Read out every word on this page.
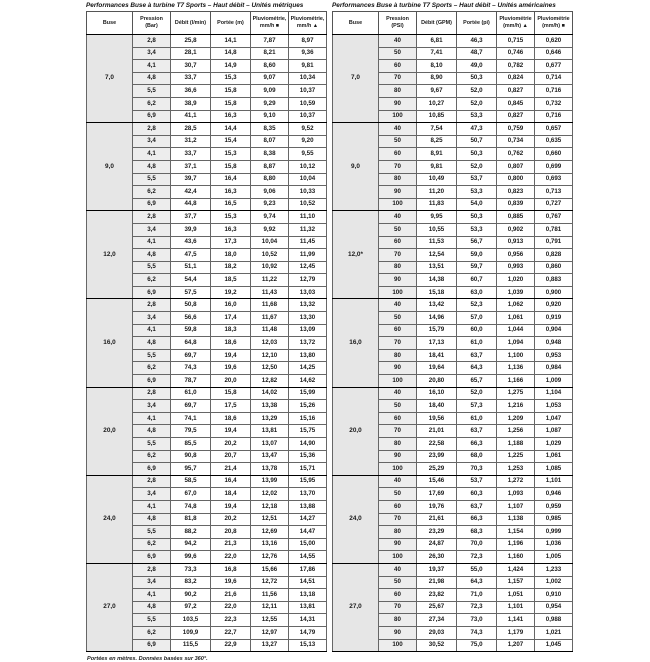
Performances Buse à turbine T7 Sports – Haut débit – Unités métriques
Buse	Pression (Bar)	Débit (l/min)	Portée (m)	Pluviométrie, mm/h ■	Pluviométrie, mm/h ▲
7,0	2,8	25,8	14,1	7,87	8,97
	3,4	28,1	14,8	8,21	9,36
	4,1	30,7	14,9	8,60	9,81
	4,8	33,7	15,3	9,07	10,34
	5,5	36,6	15,8	9,09	10,37
	6,2	38,9	15,8	9,29	10,59
	6,9	41,1	16,3	9,10	10,37
9,0	2,8	28,5	14,4	8,35	9,52
	3,4	31,2	15,4	8,07	9,20
	4,1	33,7	15,3	8,38	9,55
	4,8	37,1	15,8	8,87	10,12
	5,5	39,7	16,4	8,80	10,04
	6,2	42,4	16,3	9,06	10,33
	6,9	44,8	16,5	9,23	10,52
12,0	2,8	37,7	15,3	9,74	11,10
	3,4	39,9	16,3	9,92	11,32
	4,1	43,6	17,3	10,04	11,45
	4,8	47,5	18,0	10,52	11,99
	5,5	51,1	18,2	10,92	12,45
	6,2	54,4	18,5	11,22	12,79
	6,9	57,5	19,2	11,43	13,03
16,0	2,8	50,8	16,0	11,68	13,32
	3,4	56,6	17,4	11,67	13,30
	4,1	59,8	18,3	11,48	13,09
	4,8	64,8	18,6	12,03	13,72
	5,5	69,7	19,4	12,10	13,80
	6,2	74,3	19,6	12,50	14,25
	6,9	78,7	20,0	12,82	14,62
20,0	2,8	61,0	15,8	14,02	15,99
	3,4	69,7	17,5	13,38	15,26
	4,1	74,1	18,6	13,29	15,16
	4,8	79,5	19,4	13,81	15,75
	5,5	85,5	20,2	13,07	14,90
	6,2	90,8	20,7	13,47	15,36
	6,9	95,7	21,4	13,78	15,71
24,0	2,8	58,5	16,4	13,99	15,95
	3,4	67,0	18,4	12,02	13,70
	4,1	74,8	19,4	12,18	13,88
	4,8	81,8	20,2	12,51	14,27
	5,5	88,2	20,8	12,69	14,47
	6,2	94,2	21,3	13,16	15,00
	6,9	99,6	22,0	12,76	14,55
27,0	2,8	73,3	16,8	15,66	17,86
	3,4	83,2	19,6	12,72	14,51
	4,1	90,2	21,6	11,56	13,18
	4,8	97,2	22,0	12,11	13,81
	5,5	103,5	22,3	12,55	14,31
	6,2	109,9	22,7	12,97	14,79
	6,9	115,5	22,9	13,27	15,13
Performances Buse à turbine T7 Sports – Haut débit – Unités américaines
Buse	Pression (PSI)	Débit (GPM)	Portée (pi)	Pluviométrie (mm/h) ▲	Pluviométrie (mm/h) ■
7,0	40	6,81	46,3	0,715	0,620
	50	7,41	48,7	0,746	0,646
	60	8,10	49,0	0,782	0,677
	70	8,90	50,3	0,824	0,714
	80	9,67	52,0	0,827	0,716
	90	10,27	52,0	0,845	0,732
	100	10,85	53,3	0,827	0,716
9,0	40	7,54	47,3	0,759	0,657
	50	8,25	50,7	0,734	0,635
	60	8,91	50,3	0,762	0,660
	70	9,81	52,0	0,807	0,699
	80	10,49	53,7	0,800	0,693
	90	11,20	53,3	0,823	0,713
	100	11,83	54,0	0,839	0,727
12,0*	40	9,95	50,3	0,885	0,767
	50	10,55	53,3	0,902	0,781
	60	11,53	56,7	0,913	0,791
	70	12,54	59,0	0,956	0,828
	80	13,51	59,7	0,993	0,860
	90	14,38	60,7	1,020	0,883
	100	15,18	63,0	1,039	0,900
16,0	40	13,42	52,3	1,062	0,920
	50	14,96	57,0	1,061	0,919
	60	15,79	60,0	1,044	0,904
	70	17,13	61,0	1,094	0,948
	80	18,41	63,7	1,100	0,953
	90	19,64	64,3	1,136	0,984
	100	20,80	65,7	1,166	1,009
20,0	40	16,10	52,0	1,275	1,104
	50	18,40	57,3	1,216	1,053
	60	19,56	61,0	1,209	1,047
	70	21,01	63,7	1,256	1,087
	80	22,58	66,3	1,188	1,029
	90	23,99	68,0	1,225	1,061
	100	25,29	70,3	1,253	1,085
24,0	40	15,46	53,7	1,272	1,101
	50	17,69	60,3	1,093	0,946
	60	19,76	63,7	1,107	0,959
	70	21,61	66,3	1,138	0,985
	80	23,29	68,3	1,154	0,999
	90	24,87	70,0	1,196	1,036
	100	26,30	72,3	1,160	1,005
27,0	40	19,37	55,0	1,424	1,233
	50	21,98	64,3	1,157	1,002
	60	23,82	71,0	1,051	0,910
	70	25,67	72,3	1,101	0,954
	80	27,34	73,0	1,141	0,988
	90	29,03	74,3	1,179	1,021
	100	30,52	75,0	1,207	1,045

Portées en mètres. Données basées sur 360°.
